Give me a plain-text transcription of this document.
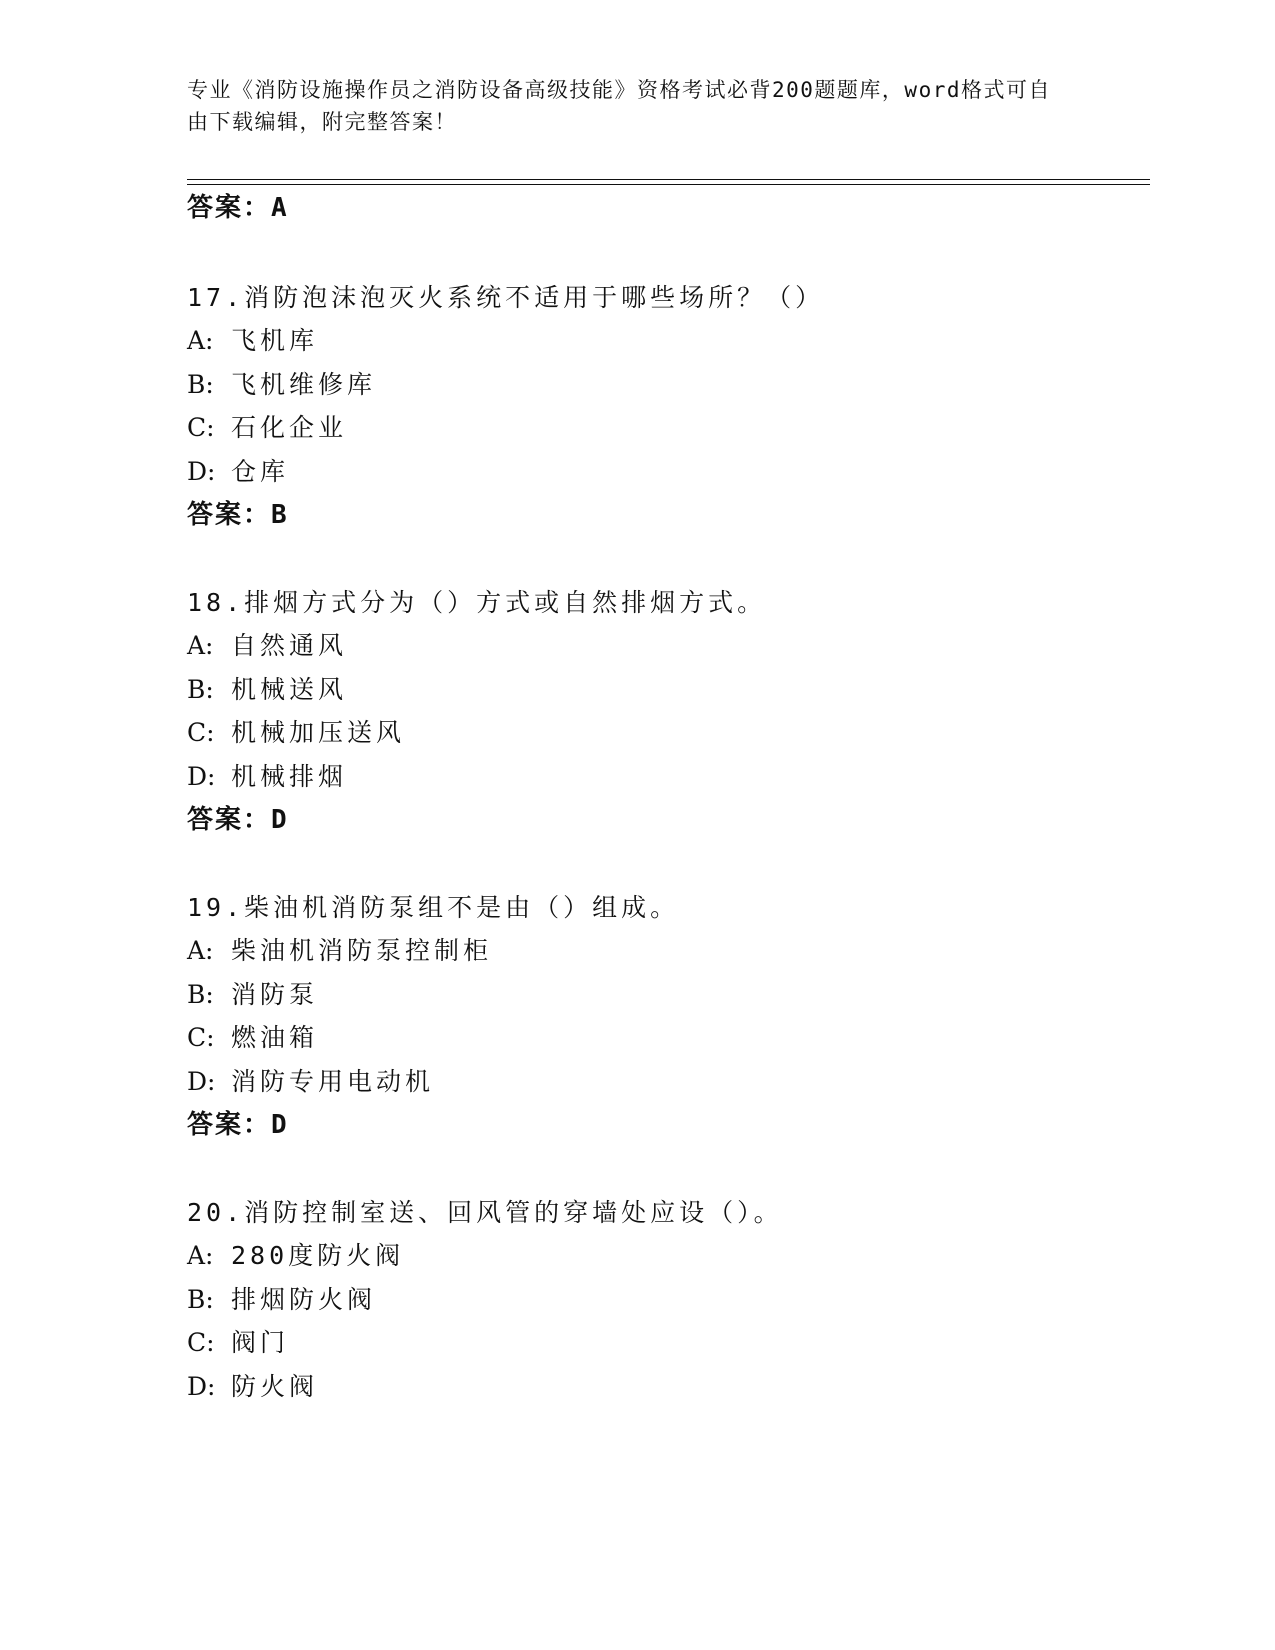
专业《消防设施操作员之消防设备高级技能》资格考试必背200题题库，word格式可自由下载编辑，附完整答案！
答案：A
17.消防泡沫泡灭火系统不适用于哪些场所？（）
A: 飞机库
B: 飞机维修库
C: 石化企业
D: 仓库
答案：B
18.排烟方式分为（）方式或自然排烟方式。
A: 自然通风
B: 机械送风
C: 机械加压送风
D: 机械排烟
答案：D
19.柴油机消防泵组不是由（）组成。
A: 柴油机消防泵控制柜
B: 消防泵
C: 燃油箱
D: 消防专用电动机
答案：D
20.消防控制室送、回风管的穿墙处应设（）。
A: 280度防火阀
B: 排烟防火阀
C: 阀门
D: 防火阀
